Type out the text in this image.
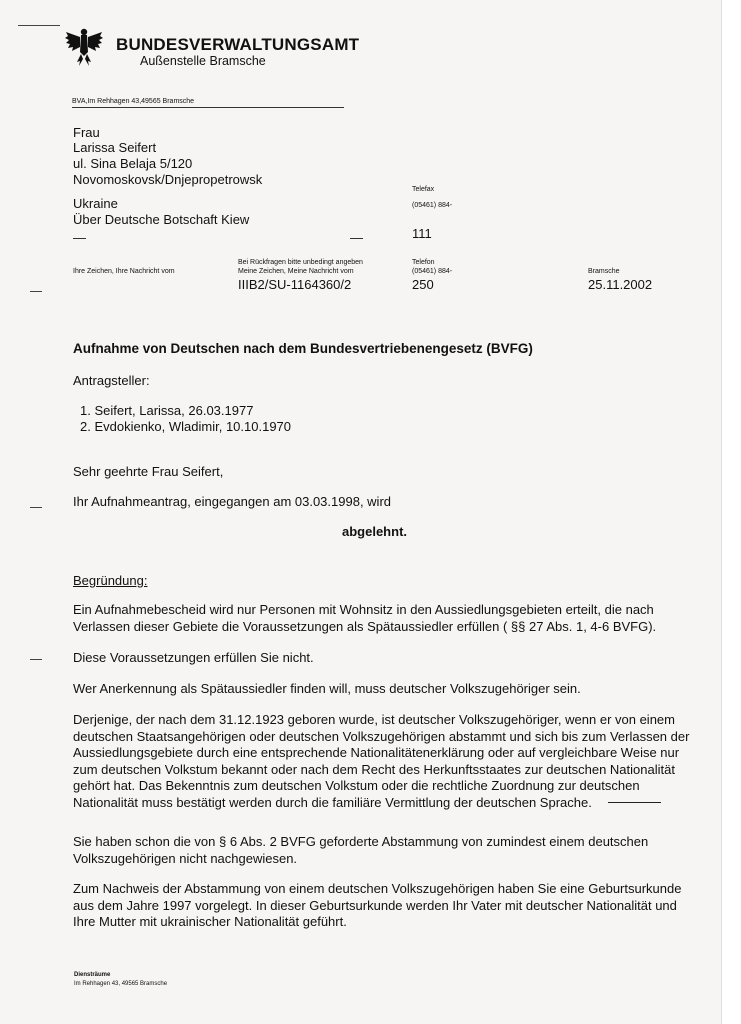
BUNDESVERWALTUNGSAMT
Außenstelle Bramsche
BVA,Im Rehhagen 43,49565 Bramsche
Frau
Larissa Seifert
ul. Sina Belaja 5/120
Novomoskovsk/Dnjepropetrowsk
Ukraine
Über Deutsche Botschaft Kiew
Telefax
(05461) 884-
111
—	—
Ihre Zeichen, Ihre Nachricht vom
Bei Rückfragen bitte unbedingt angeben
Meine Zeichen, Meine Nachricht vom
IIIB2/SU-1164360/2
Telefon
(05461) 884-
250
Bramsche
25.11.2002
Aufnahme von Deutschen nach dem Bundesvertriebenengesetz (BVFG)
Antragsteller:
1. Seifert, Larissa, 26.03.1977
2. Evdokienko, Wladimir, 10.10.1970
Sehr geehrte Frau Seifert,
Ihr Aufnahmeantrag, eingegangen am 03.03.1998, wird
abgelehnt.
Begründung:
Ein Aufnahmebescheid wird nur Personen mit Wohnsitz in den Aussiedlungsgebieten erteilt, die nach Verlassen dieser Gebiete die Voraussetzungen als Spätaussiedler erfüllen ( §§ 27 Abs. 1, 4-6 BVFG).
Diese Voraussetzungen erfüllen Sie nicht.
Wer Anerkennung als Spätaussiedler finden will, muss deutscher Volkszugehöriger sein.
Derjenige, der nach dem 31.12.1923 geboren wurde, ist deutscher Volkszugehöriger, wenn er von einem deutschen Staatsangehörigen oder deutschen Volkszugehörigen abstammt und sich bis zum Verlassen der Aussiedlungsgebiete durch eine entsprechende Nationalitätenerklärung oder auf vergleichbare Weise nur zum deutschen Volkstum bekannt oder nach dem Recht des Herkunftsstaates zur deutschen Nationalität gehört hat. Das Bekenntnis zum deutschen Volkstum oder die rechtliche Zuordnung zur deutschen Nationalität muss bestätigt werden durch die familiäre Vermittlung der deutschen Sprache.
Sie haben schon die von § 6 Abs. 2 BVFG geforderte Abstammung von zumindest einem deutschen Volkszugehörigen nicht nachgewiesen.
Zum Nachweis der Abstammung von einem deutschen Volkszugehörigen haben Sie eine Geburtsurkunde aus dem Jahre 1997 vorgelegt. In dieser Geburtsurkunde werden Ihr Vater mit deutscher Nationalität und Ihre Mutter mit ukrainischer Nationalität geführt.
Diensträume
Im Rehhagen 43, 49565 Bramsche
